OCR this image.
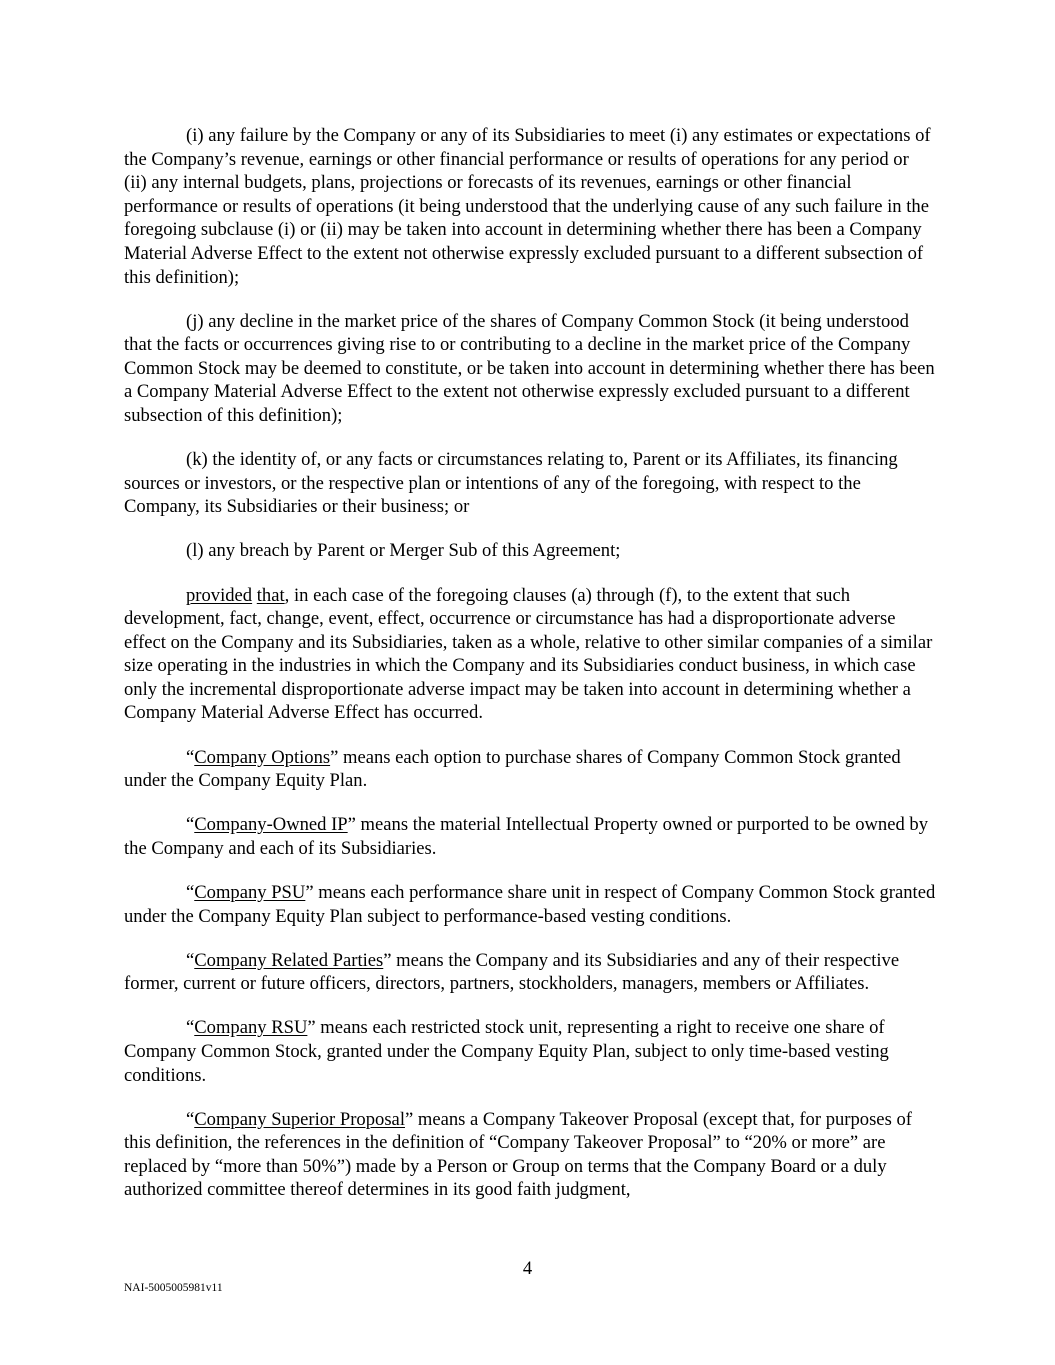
(i) any failure by the Company or any of its Subsidiaries to meet (i) any estimates or expectations of the Company’s revenue, earnings or other financial performance or results of operations for any period or (ii) any internal budgets, plans, projections or forecasts of its revenues, earnings or other financial performance or results of operations (it being understood that the underlying cause of any such failure in the foregoing subclause (i) or (ii) may be taken into account in determining whether there has been a Company Material Adverse Effect to the extent not otherwise expressly excluded pursuant to a different subsection of this definition);

(j) any decline in the market price of the shares of Company Common Stock (it being understood that the facts or occurrences giving rise to or contributing to a decline in the market price of the Company Common Stock may be deemed to constitute, or be taken into account in determining whether there has been a Company Material Adverse Effect to the extent not otherwise expressly excluded pursuant to a different subsection of this definition);

(k) the identity of, or any facts or circumstances relating to, Parent or its Affiliates, its financing sources or investors, or the respective plan or intentions of any of the foregoing, with respect to the Company, its Subsidiaries or their business; or

(l) any breach by Parent or Merger Sub of this Agreement;

provided that, in each case of the foregoing clauses (a) through (f), to the extent that such development, fact, change, event, effect, occurrence or circumstance has had a disproportionate adverse effect on the Company and its Subsidiaries, taken as a whole, relative to other similar companies of a similar size operating in the industries in which the Company and its Subsidiaries conduct business, in which case only the incremental disproportionate adverse impact may be taken into account in determining whether a Company Material Adverse Effect has occurred.

“Company Options” means each option to purchase shares of Company Common Stock granted under the Company Equity Plan.

“Company-Owned IP” means the material Intellectual Property owned or purported to be owned by the Company and each of its Subsidiaries.

“Company PSU” means each performance share unit in respect of Company Common Stock granted under the Company Equity Plan subject to performance-based vesting conditions.

“Company Related Parties” means the Company and its Subsidiaries and any of their respective former, current or future officers, directors, partners, stockholders, managers, members or Affiliates.

“Company RSU” means each restricted stock unit, representing a right to receive one share of Company Common Stock, granted under the Company Equity Plan, subject to only time-based vesting conditions.

“Company Superior Proposal” means a Company Takeover Proposal (except that, for purposes of this definition, the references in the definition of “Company Takeover Proposal” to “20% or more” are replaced by “more than 50%”) made by a Person or Group on terms that the Company Board or a duly authorized committee thereof determines in its good faith judgment,

4
NAI-5005005981v11
